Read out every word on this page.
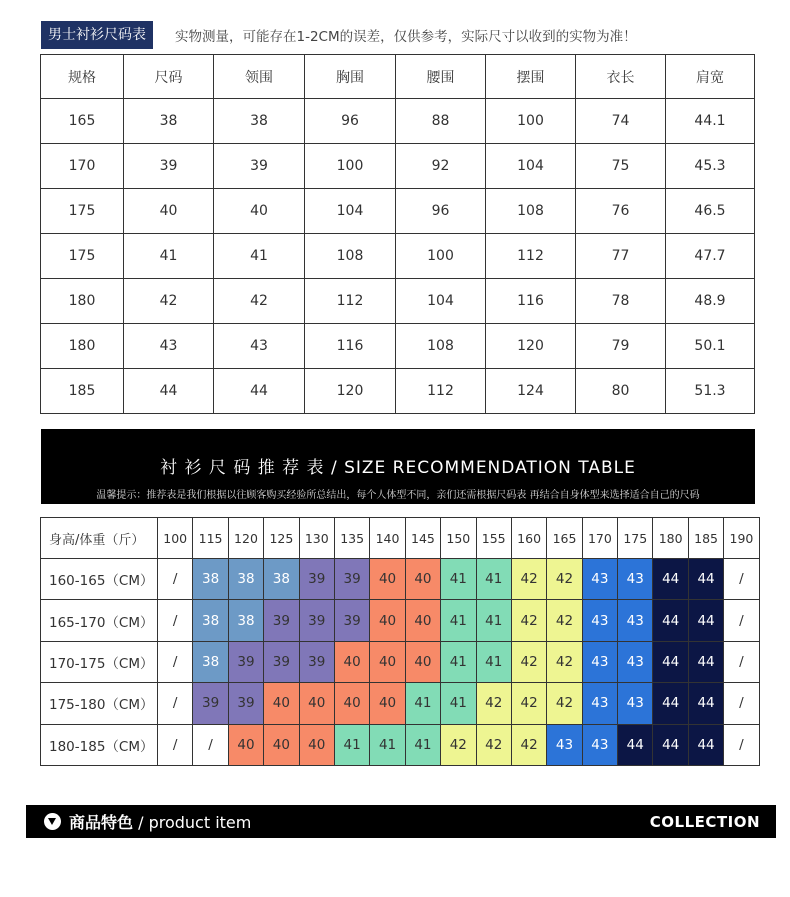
男士衬衫尺码表	实物测量，可能存在1-2CM的误差，仅供参考，实际尺寸以收到的实物为准！
规格	尺码	领围	胸围	腰围	摆围	衣长	肩宽
165	38	38	96	88	100	74	44.1
170	39	39	100	92	104	75	45.3
175	40	40	104	96	108	76	46.5
175	41	41	108	100	112	77	47.7
180	42	42	112	104	116	78	48.9
180	43	43	116	108	120	79	50.1
185	44	44	120	112	124	80	51.3
衬 衫 尺 码 推 荐 表 / SIZE RECOMMENDATION TABLE
温馨提示：推荐表是我们根据以往顾客购买经验所总结出，每个人体型不同，亲们还需根据尺码表 再结合自身体型来选择适合自己的尺码
身高/体重（斤）	100	115	120	125	130	135	140	145	150	155	160	165	170	175	180	185	190
160-165（CM）	/	38	38	38	39	39	40	40	41	41	42	42	43	43	44	44	/
165-170（CM）	/	38	38	39	39	39	40	40	41	41	42	42	43	43	44	44	/
170-175（CM）	/	38	39	39	39	40	40	40	41	41	42	42	43	43	44	44	/
175-180（CM）	/	39	39	40	40	40	40	41	41	42	42	42	43	43	44	44	/
180-185（CM）	/	/	40	40	40	41	41	41	42	42	42	43	43	44	44	44	/
商品特色 / product item	COLLECTION
